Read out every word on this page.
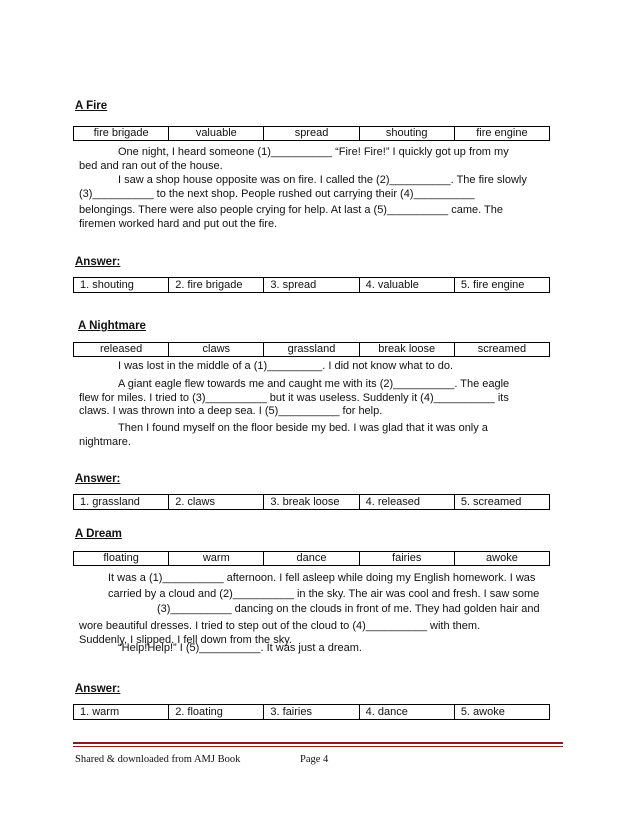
A Fire
fire brigade	valuable	spread	shouting	fire engine
One night, I heard someone (1)__________ “Fire! Fire!” I quickly got up from my
bed and ran out of the house.
I saw a shop house opposite was on fire. I called the (2)__________. The fire slowly
(3)__________ to the next shop. People rushed out carrying their (4)__________
belongings. There were also people crying for help. At last a (5)__________ came. The
firemen worked hard and put out the fire.
Answer:
1. shouting	2. fire brigade	3. spread	4. valuable	5. fire engine
A Nightmare
released	claws	grassland	break loose	screamed
I was lost in the middle of a (1)_________. I did not know what to do.
A giant eagle flew towards me and caught me with its (2)__________. The eagle
flew for miles. I tried to (3)__________ but it was useless. Suddenly it (4)__________ its
claws. I was thrown into a deep sea. I (5)__________ for help.
Then I found myself on the floor beside my bed. I was glad that it was only a
nightmare.
Answer:
1. grassland	2. claws	3. break loose	4. released	5. screamed
A Dream
floating	warm	dance	fairies	awoke
It was a (1)__________ afternoon. I fell asleep while doing my English homework. I was
carried by a cloud and (2)__________ in the sky. The air was cool and fresh. I saw some
(3)__________ dancing on the clouds in front of me. They had golden hair and
wore beautiful dresses. I tried to step out of the cloud to (4)__________ with them.
Suddenly, I slipped. I fell down from the sky.
“Help!Help!” I (5)__________. It was just a dream.
Answer:
1. warm	2. floating	3. fairies	4. dance	5. awoke
Shared & downloaded from AMJ Book	Page 4
